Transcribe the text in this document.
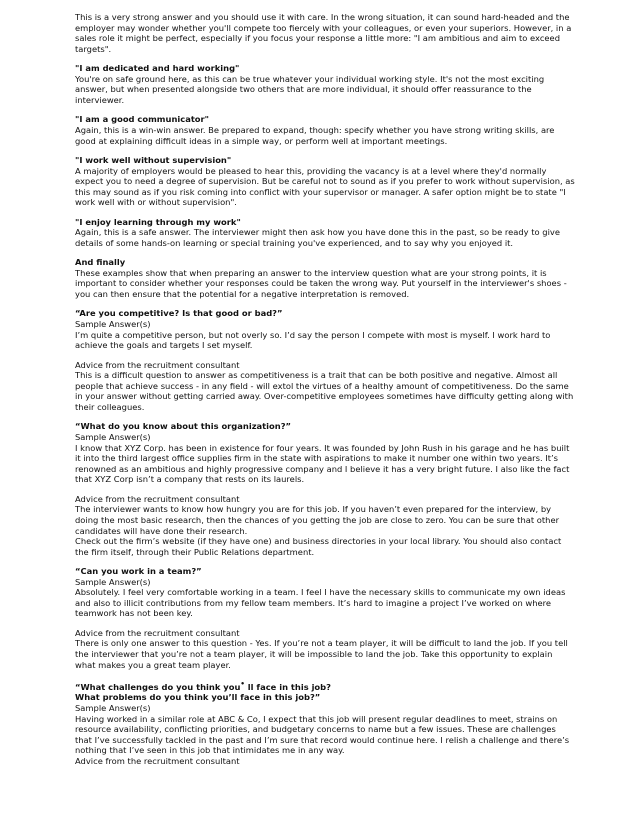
This is a very strong answer and you should use it with care. In the wrong situation, it can sound hard-headed and the employer may wonder whether you'll compete too fiercely with your colleagues, or even your superiors. However, in a sales role it might be perfect, especially if you focus your response a little more: "I am ambitious and aim to exceed targets".

"I am dedicated and hard working"

You're on safe ground here, as this can be true whatever your individual working style. It's not the most exciting answer, but when presented alongside two others that are more individual, it should offer reassurance to the interviewer.

"I am a good communicator"

Again, this is a win-win answer. Be prepared to expand, though: specify whether you have strong writing skills, are good at explaining difficult ideas in a simple way, or perform well at important meetings.

"I work well without supervision"

A majority of employers would be pleased to hear this, providing the vacancy is at a level where they'd normally expect you to need a degree of supervision. But be careful not to sound as if you prefer to work without supervision, as this may sound as if you risk coming into conflict with your supervisor or manager. A safer option might be to state "I work well with or without supervision".

"I enjoy learning through my work"

Again, this is a safe answer. The interviewer might then ask how you have done this in the past, so be ready to give details of some hands-on learning or special training you've experienced, and to say why you enjoyed it.

And finally

These examples show that when preparing an answer to the interview question what are your strong points, it is important to consider whether your responses could be taken the wrong way. Put yourself in the interviewer's shoes - you can then ensure that the potential for a negative interpretation is removed.

“Are you competitive? Is that good or bad?”

Sample Answer(s)

I’m quite a competitive person, but not overly so. I’d say the person I compete with most is myself. I work hard to achieve the goals and targets I set myself.

Advice from the recruitment consultant

This is a difficult question to answer as competitiveness is a trait that can be both positive and negative. Almost all people that achieve success - in any field - will extol the virtues of a healthy amount of competitiveness. Do the same in your answer without getting carried away. Over-competitive employees sometimes have difficulty getting along with their colleagues.

“What do you know about this organization?”

Sample Answer(s)

I know that XYZ Corp. has been in existence for four years. It was founded by John Rush in his garage and he has built it into the third largest office supplies firm in the state with aspirations to make it number one within two years. It’s renowned as an ambitious and highly progressive company and I believe it has a very bright future. I also like the fact that XYZ Corp isn’t a company that rests on its laurels.

Advice from the recruitment consultant

The interviewer wants to know how hungry you are for this job. If you haven’t even prepared for the interview, by doing the most basic research, then the chances of you getting the job are close to zero. You can be sure that other candidates will have done their research.

Check out the firm’s website (if they have one) and business directories in your local library. You should also contact the firm itself, through their Public Relations department.

“Can you work in a team?”

Sample Answer(s)

Absolutely. I feel very comfortable working in a team. I feel I have the necessary skills to communicate my own ideas and also to illicit contributions from my fellow team members. It’s hard to imagine a project I’ve worked on where teamwork has not been key.

Advice from the recruitment consultant

There is only one answer to this question - Yes. If you’re not a team player, it will be difficult to land the job. If you tell the interviewer that you’re not a team player, it will be impossible to land the job. Take this opportunity to explain what makes you a great team player.

“What challenges do you think you• ll face in this job?

What problems do you think you’ll face in this job?”

Sample Answer(s)

Having worked in a similar role at ABC & Co, I expect that this job will present regular deadlines to meet, strains on resource availability, conflicting priorities, and budgetary concerns to name but a few issues. These are challenges that I’ve successfully tackled in the past and I’m sure that record would continue here. I relish a challenge and there’s nothing that I’ve seen in this job that intimidates me in any way.

Advice from the recruitment consultant
